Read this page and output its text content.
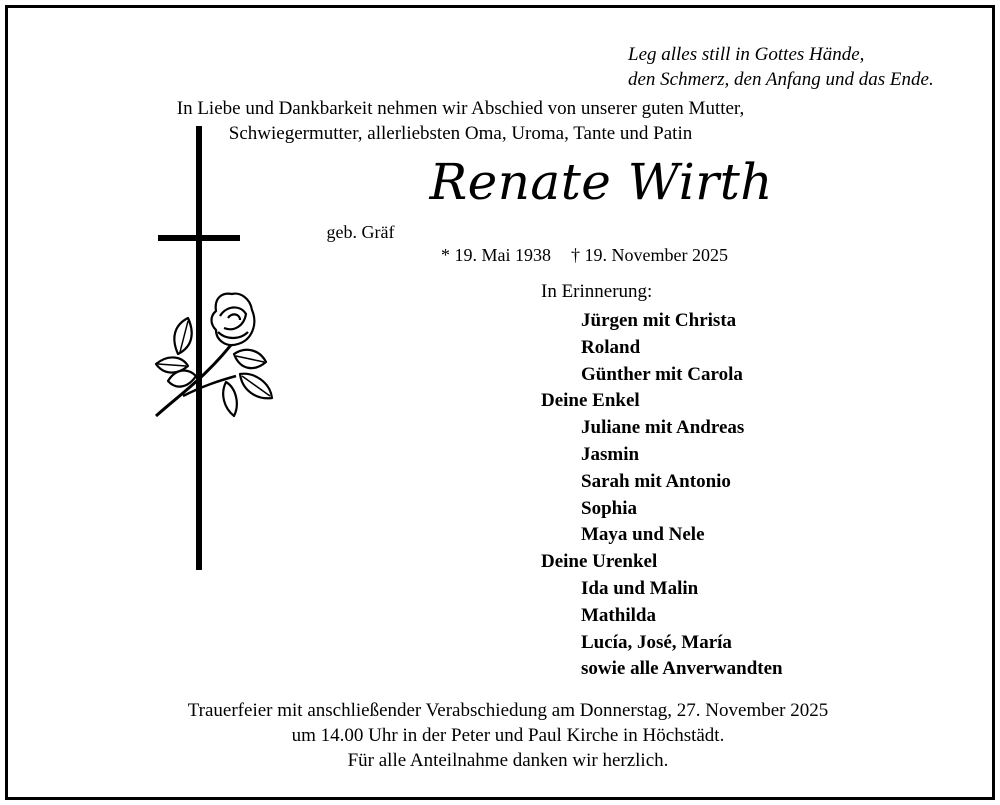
Leg alles still in Gottes Hände,
den Schmerz, den Anfang und das Ende.
In Liebe und Dankbarkeit nehmen wir Abschied von unserer guten Mutter,
Schwiegermutter, allerliebsten Oma, Uroma, Tante und Patin
Renate Wirth
geb. Gräf
* 19. Mai 1938 † 19. November 2025
In Erinnerung:
Jürgen mit Christa
Roland
Günther mit Carola
Deine Enkel
Juliane mit Andreas
Jasmin
Sarah mit Antonio
Sophia
Maya und Nele
Deine Urenkel
Ida und Malin
Mathilda
Lucía, José, María
sowie alle Anverwandten
Trauerfeier mit anschließender Verabschiedung am Donnerstag, 27. November 2025
um 14.00 Uhr in der Peter und Paul Kirche in Höchstädt.
Für alle Anteilnahme danken wir herzlich.
